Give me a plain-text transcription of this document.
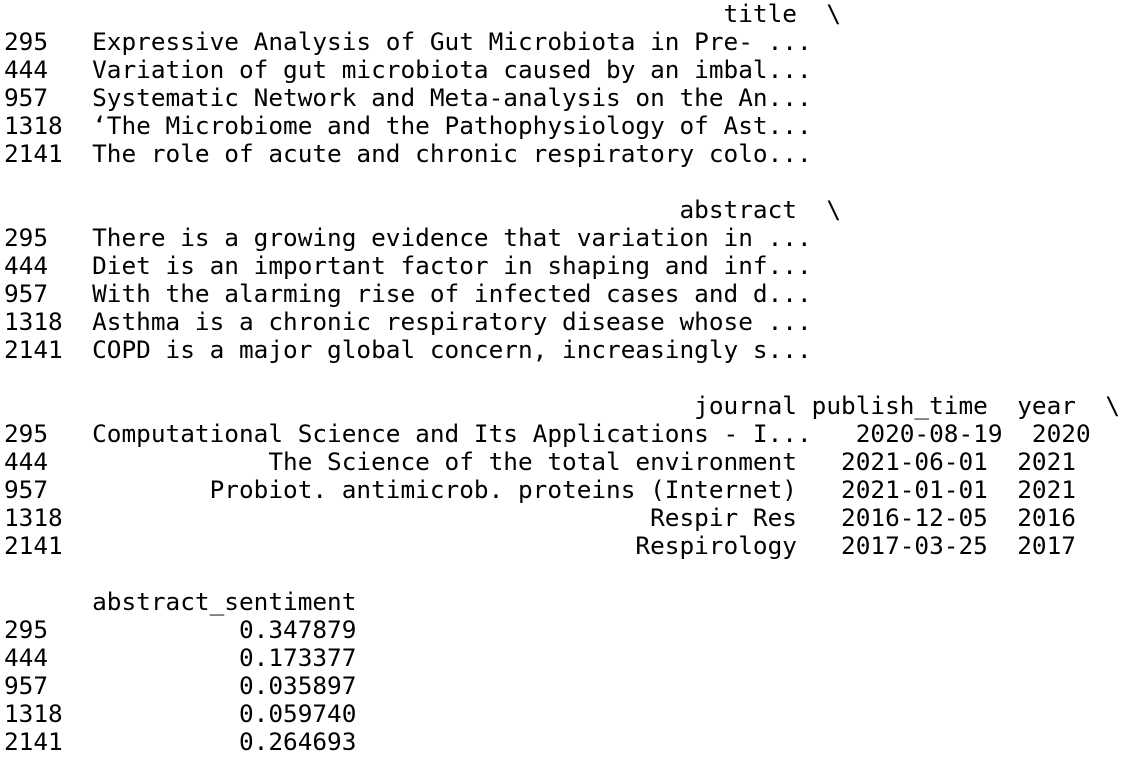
title  \
295   Expressive Analysis of Gut Microbiota in Pre- ...
444   Variation of gut microbiota caused by an imbal...
957   Systematic Network and Meta-analysis on the An...
1318  ‘The Microbiome and the Pathophysiology of Ast...
2141  The role of acute and chronic respiratory colo...
abstract  \
295   There is a growing evidence that variation in ...
444   Diet is an important factor in shaping and inf...
957   With the alarming rise of infected cases and d...
1318  Asthma is a chronic respiratory disease whose ...
2141  COPD is a major global concern, increasingly s...
journal publish_time  year  \
295   Computational Science and Its Applications - I...   2020-08-19  2020
444               The Science of the total environment   2021-06-01  2021
957           Probiot. antimicrob. proteins (Internet)   2021-01-01  2021
1318                                        Respir Res   2016-12-05  2016
2141                                       Respirology   2017-03-25  2017
abstract_sentiment
295             0.347879
444             0.173377
957             0.035897
1318            0.059740
2141            0.264693
